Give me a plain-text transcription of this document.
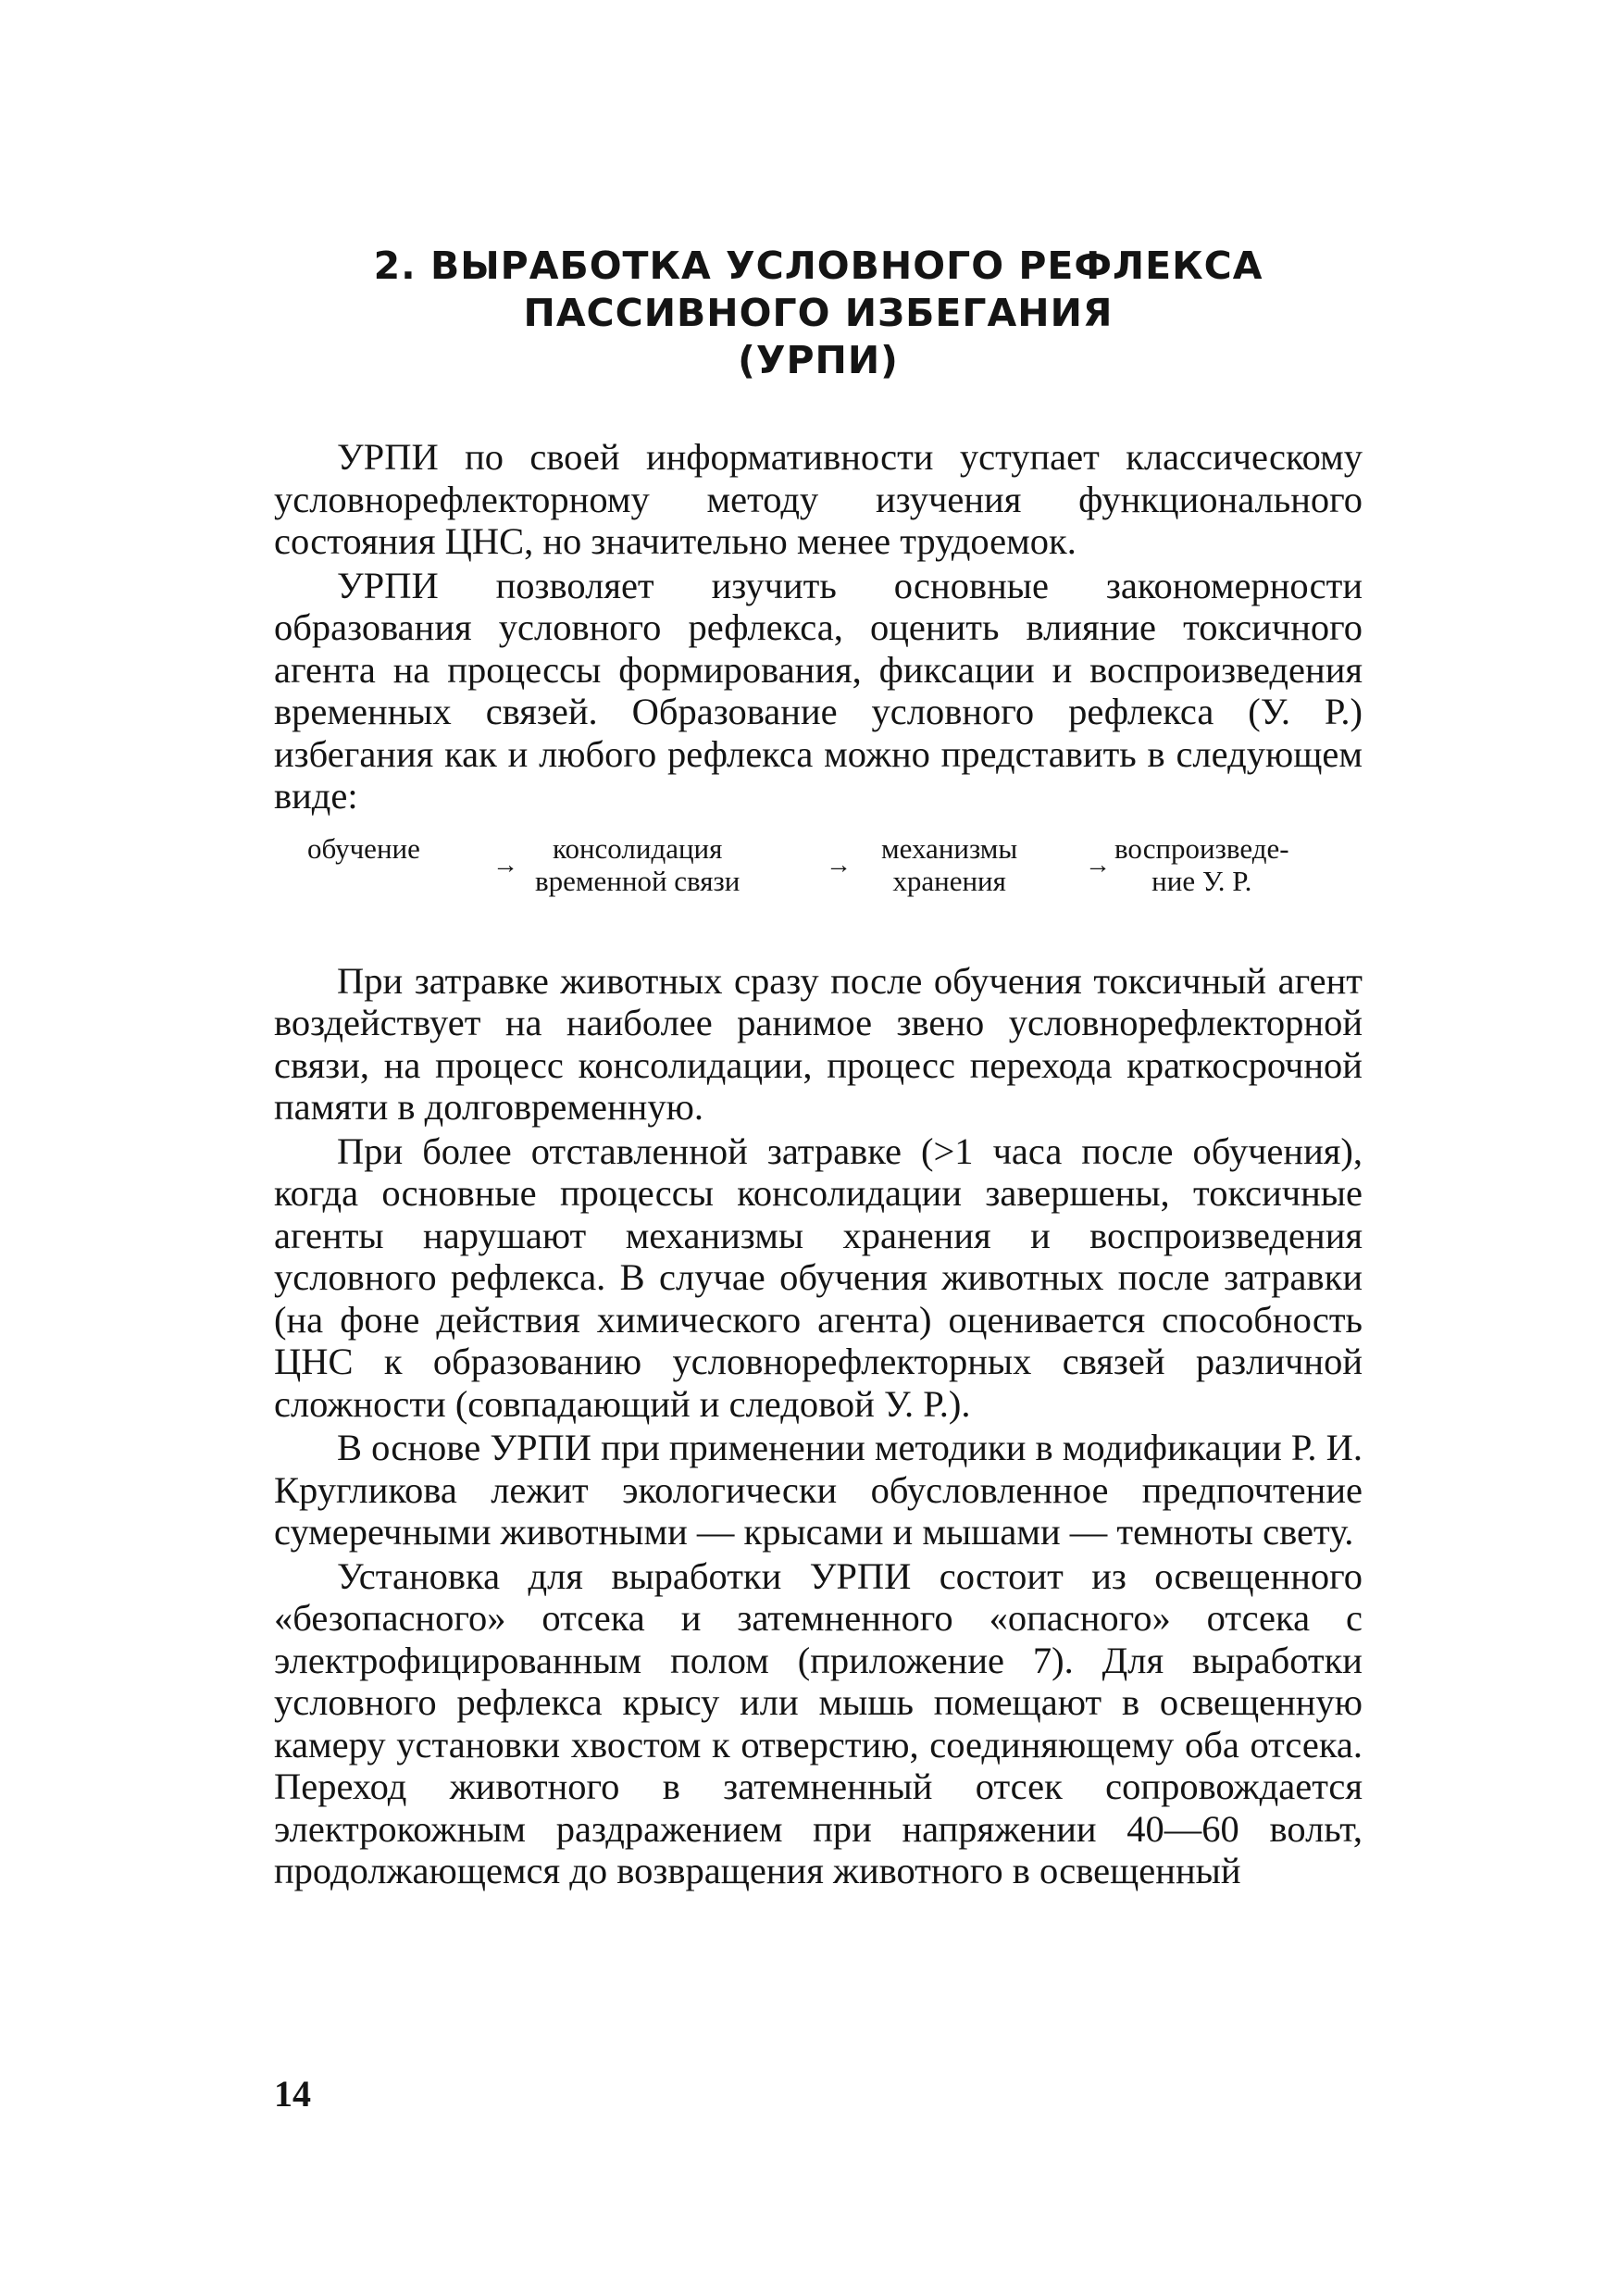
2. ВЫРАБОТКА УСЛОВНОГО РЕФЛЕКСА
ПАССИВНОГО ИЗБЕГАНИЯ
(УРПИ)

УРПИ по своей информативности уступает классическому условнорефлекторному методу изучения функционального состояния ЦНС, но значительно менее трудоемок.

УРПИ позволяет изучить основные закономерности образования условного рефлекса, оценить влияние токсичного агента на процессы формирования, фиксации и воспроизведения временных связей. Образование условного рефлекса (У. Р.) избегания как и любого рефлекса можно представить в следующем виде:

обучение
→
консолидация
временной связи	→
механизмы
хранения	→
воспроизведе-
ние У. Р.

При затравке животных сразу после обучения токсичный агент воздействует на наиболее ранимое звено условнорефлекторной связи, на процесс консолидации, процесс перехода краткосрочной памяти в долговременную.

При более отставленной затравке (>1 часа после обучения), когда основные процессы консолидации завершены, токсичные агенты нарушают механизмы хранения и воспроизведения условного рефлекса. В случае обучения животных после затравки (на фоне действия химического агента) оценивается способность ЦНС к образованию условнорефлекторных связей различной сложности (совпадающий и следовой У. Р.).

В основе УРПИ при применении методики в модификации Р. И. Кругликова лежит экологически обусловленное предпочтение сумеречными животными — крысами и мышами — темноты свету.

Установка для выработки УРПИ состоит из освещенного «безопасного» отсека и затемненного «опасного» отсека с электрофицированным полом (приложение 7). Для выработки условного рефлекса крысу или мышь помещают в освещенную камеру установки хвостом к отверстию, соединяющему оба отсека. Переход животного в затемненный отсек сопровождается электрокожным раздражением при напряжении 40—60 вольт, продолжающемся до возвращения животного в освещенный

14
